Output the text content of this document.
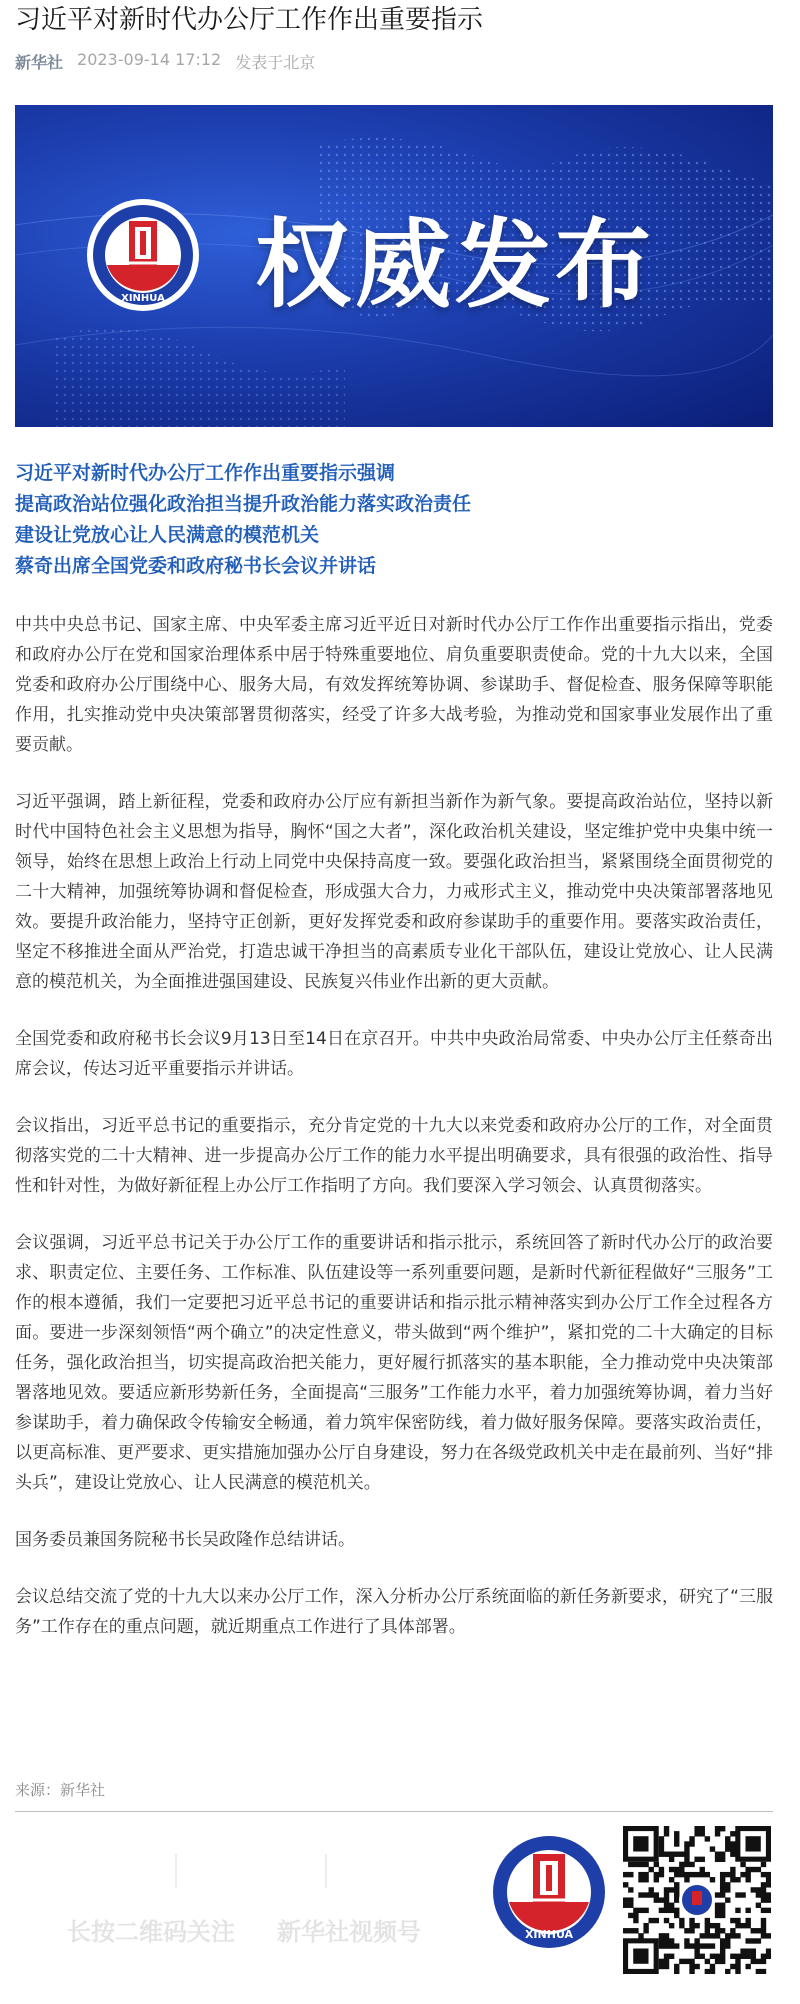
习近平对新时代办公厅工作作出重要指示
新华社 2023-09-14 17:12 发表于北京
XINHUA 权威发布
习近平对新时代办公厅工作作出重要指示强调
提高政治站位强化政治担当提升政治能力落实政治责任
建设让党放心让人民满意的模范机关
蔡奇出席全国党委和政府秘书长会议并讲话

中共中央总书记、国家主席、中央军委主席习近平近日对新时代办公厅工作作出重要指示指出，党委和政府办公厅在党和国家治理体系中居于特殊重要地位、肩负重要职责使命。党的十九大以来，全国党委和政府办公厅围绕中心、服务大局，有效发挥统筹协调、参谋助手、督促检查、服务保障等职能作用，扎实推动党中央决策部署贯彻落实，经受了许多大战考验，为推动党和国家事业发展作出了重要贡献。

习近平强调，踏上新征程，党委和政府办公厅应有新担当新作为新气象。要提高政治站位，坚持以新时代中国特色社会主义思想为指导，胸怀“国之大者”，深化政治机关建设，坚定维护党中央集中统一领导，始终在思想上政治上行动上同党中央保持高度一致。要强化政治担当，紧紧围绕全面贯彻党的二十大精神，加强统筹协调和督促检查，形成强大合力，力戒形式主义，推动党中央决策部署落地见效。要提升政治能力，坚持守正创新，更好发挥党委和政府参谋助手的重要作用。要落实政治责任，坚定不移推进全面从严治党，打造忠诚干净担当的高素质专业化干部队伍，建设让党放心、让人民满意的模范机关，为全面推进强国建设、民族复兴伟业作出新的更大贡献。

全国党委和政府秘书长会议9月13日至14日在京召开。中共中央政治局常委、中央办公厅主任蔡奇出席会议，传达习近平重要指示并讲话。

会议指出，习近平总书记的重要指示，充分肯定党的十九大以来党委和政府办公厅的工作，对全面贯彻落实党的二十大精神、进一步提高办公厅工作的能力水平提出明确要求，具有很强的政治性、指导性和针对性，为做好新征程上办公厅工作指明了方向。我们要深入学习领会、认真贯彻落实。

会议强调，习近平总书记关于办公厅工作的重要讲话和指示批示，系统回答了新时代办公厅的政治要求、职责定位、主要任务、工作标准、队伍建设等一系列重要问题，是新时代新征程做好“三服务”工作的根本遵循，我们一定要把习近平总书记的重要讲话和指示批示精神落实到办公厅工作全过程各方面。要进一步深刻领悟“两个确立”的决定性意义，带头做到“两个维护”，紧扣党的二十大确定的目标任务，强化政治担当，切实提高政治把关能力，更好履行抓落实的基本职能，全力推动党中央决策部署落地见效。要适应新形势新任务，全面提高“三服务”工作能力水平，着力加强统筹协调，着力当好参谋助手，着力确保政令传输安全畅通，着力筑牢保密防线，着力做好服务保障。要落实政治责任，以更高标准、更严要求、更实措施加强办公厅自身建设，努力在各级党政机关中走在最前列、当好“排头兵”，建设让党放心、让人民满意的模范机关。

国务委员兼国务院秘书长吴政隆作总结讲话。

会议总结交流了党的十九大以来办公厅工作，深入分析办公厅系统面临的新任务新要求，研究了“三服务”工作存在的重点问题，就近期重点工作进行了具体部署。

来源：新华社
长按二维码关注 新华社视频号	XINHUA
